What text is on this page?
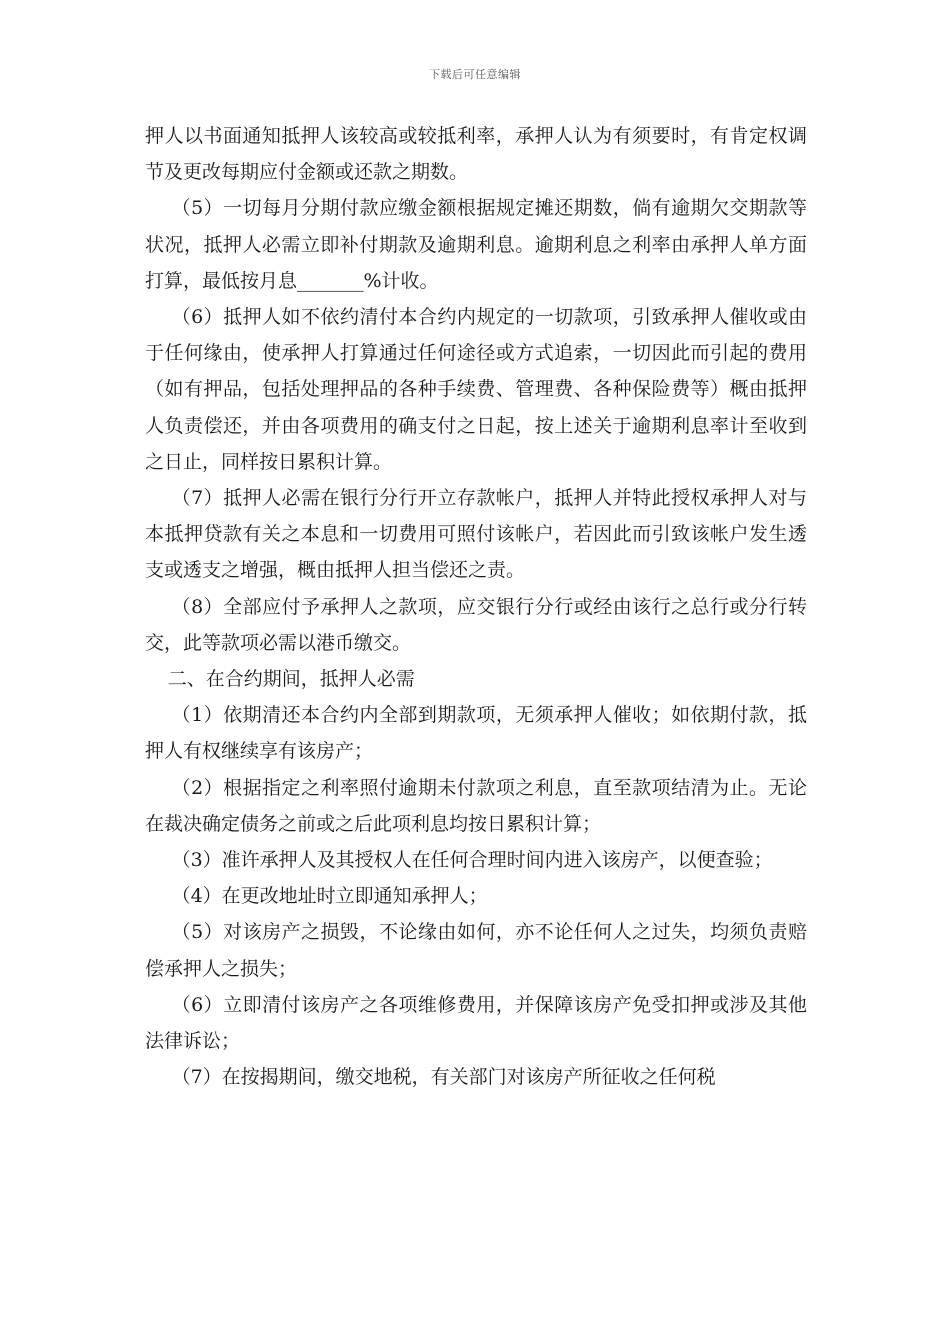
下载后可任意编辑

押人以书面通知抵押人该较高或较抵利率，承押人认为有须要时，有肯定权调节及更改每期应付金额或还款之期数。

（5）一切每月分期付款应缴金额根据规定摊还期数，倘有逾期欠交期款等状况，抵押人必需立即补付期款及逾期利息。逾期利息之利率由承押人单方面打算，最低按月息_______%计收。

（6）抵押人如不依约清付本合约内规定的一切款项，引致承押人催收或由于任何缘由，使承押人打算通过任何途径或方式追索，一切因此而引起的费用（如有押品，包括处理押品的各种手续费、管理费、各种保险费等）概由抵押人负责偿还，并由各项费用的确支付之日起，按上述关于逾期利息率计至收到之日止，同样按日累积计算。

（7）抵押人必需在银行分行开立存款帐户，抵押人并特此授权承押人对与本抵押贷款有关之本息和一切费用可照付该帐户，若因此而引致该帐户发生透支或透支之增强，概由抵押人担当偿还之责。

（8）全部应付予承押人之款项，应交银行分行或经由该行之总行或分行转交，此等款项必需以港币缴交。

二、在合约期间，抵押人必需

（1）依期清还本合约内全部到期款项，无须承押人催收；如依期付款，抵押人有权继续享有该房产；

（2）根据指定之利率照付逾期未付款项之利息，直至款项结清为止。无论在裁决确定债务之前或之后此项利息均按日累积计算；

（3）准许承押人及其授权人在任何合理时间内进入该房产，以便查验；

（4）在更改地址时立即通知承押人；

（5）对该房产之损毁，不论缘由如何，亦不论任何人之过失，均须负责赔偿承押人之损失；

（6）立即清付该房产之各项维修费用，并保障该房产免受扣押或涉及其他法律诉讼；

（7）在按揭期间，缴交地税，有关部门对该房产所征收之任何税
